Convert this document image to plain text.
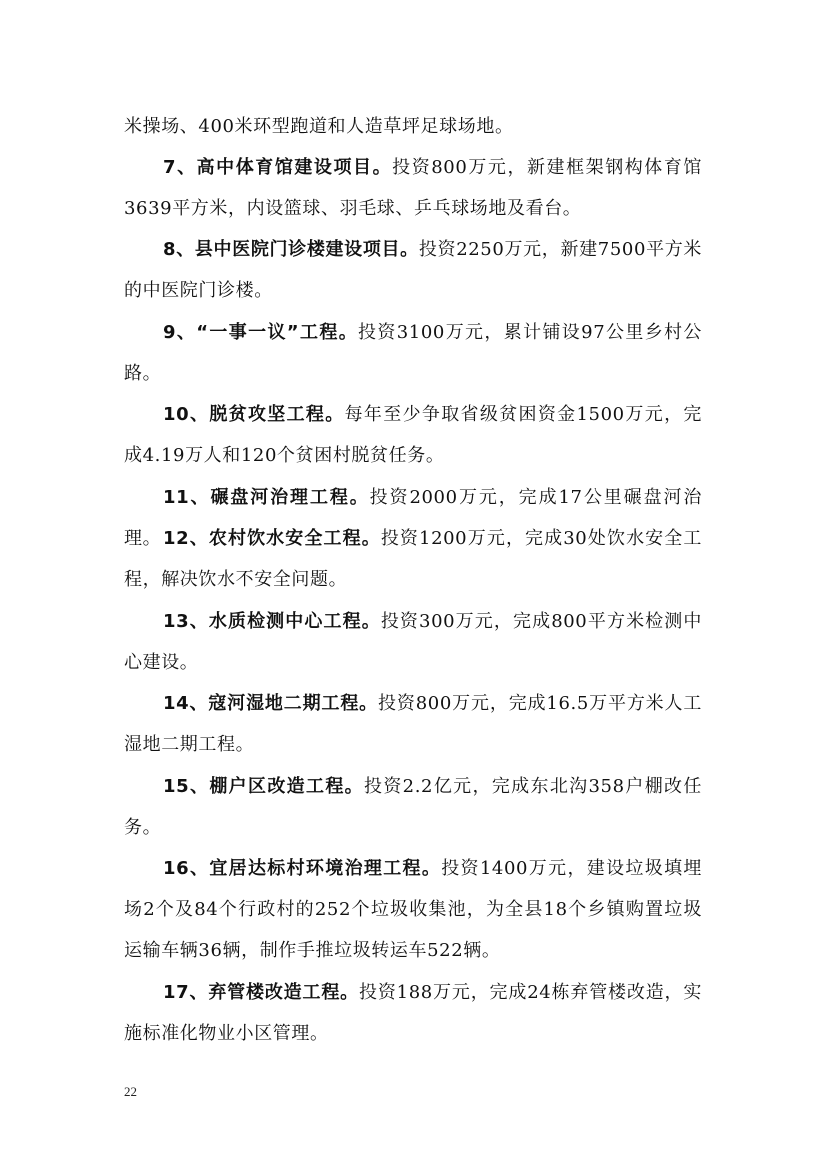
米操场、400米环型跑道和人造草坪足球场地。

7、高中体育馆建设项目。投资800万元，新建框架钢构体育馆3639平方米，内设篮球、羽毛球、乒乓球场地及看台。

8、县中医院门诊楼建设项目。投资2250万元，新建7500平方米的中医院门诊楼。

9、“一事一议”工程。投资3100万元，累计铺设97公里乡村公路。

10、脱贫攻坚工程。每年至少争取省级贫困资金1500万元，完成4.19万人和120个贫困村脱贫任务。

11、碾盘河治理工程。投资2000万元，完成17公里碾盘河治理。 12、农村饮水安全工程。投资1200万元，完成30处饮水安全工程，解决饮水不安全问题。

13、水质检测中心工程。投资300万元，完成800平方米检测中心建设。

14、寇河湿地二期工程。投资800万元，完成16.5万平方米人工湿地二期工程。

15、棚户区改造工程。投资2.2亿元，完成东北沟358户棚改任务。

16、宜居达标村环境治理工程。投资1400万元，建设垃圾填埋场2个及84个行政村的252个垃圾收集池，为全县18个乡镇购置垃圾运输车辆36辆，制作手推垃圾转运车522辆。

17、弃管楼改造工程。投资188万元，完成24栋弃管楼改造，实施标准化物业小区管理。

22
